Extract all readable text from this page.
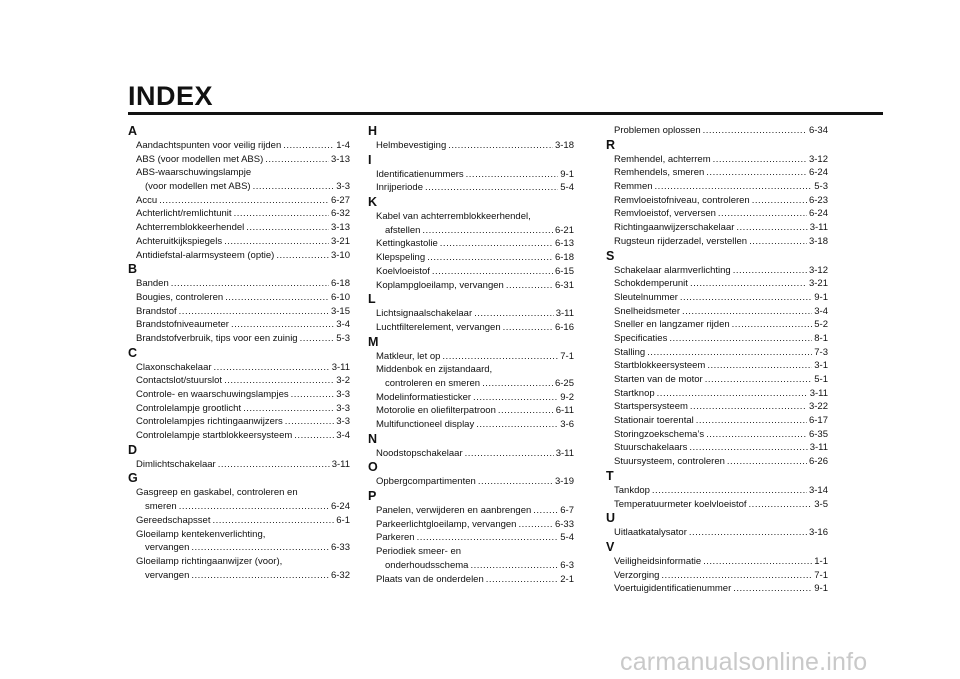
INDEX
A
Aandachtspunten voor veilig rijden .....	1-4
ABS (voor modellen met ABS) .....	3-13
ABS-waarschuwingslampje
(voor modellen met ABS) .....	3-3
Accu .....	6-27
Achterlicht/remlichtunit .....	6-32
Achterremblokkeerhendel .....	3-13
Achteruitkijkspiegels .....	3-21
Antidiefstal-alarmsysteem (optie) .....	3-10
B
Banden .....	6-18
Bougies, controleren .....	6-10
Brandstof .....	3-15
Brandstofniveaumeter .....	3-4
Brandstofverbruik, tips voor een zuinig .....	5-3
C
Claxonschakelaar .....	3-11
Contactslot/stuurslot .....	3-2
Controle- en waarschuwingslampjes .....	3-3
Controlelampje grootlicht .....	3-3
Controlelampjes richtingaanwijzers .....	3-3
Controlelampje startblokkeersysteem .....	3-4
D
Dimlichtschakelaar .....	3-11
G
Gasgreep en gaskabel, controleren en
smeren .....	6-24
Gereedschapsset .....	6-1
Gloeilamp kentekenverlichting,
vervangen .....	6-33
Gloeilamp richtingaanwijzer (voor),
vervangen .....	6-32
H
Helmbevestiging .....	3-18
I
Identificatienummers .....	9-1
Inrijperiode .....	5-4
K
Kabel van achterremblokkeerhendel,
afstellen .....	6-21
Kettingkastolie .....	6-13
Klepspeling .....	6-18
Koelvloeistof .....	6-15
Koplampgloeilamp, vervangen .....	6-31
L
Lichtsignaalschakelaar .....	3-11
Luchtfilterelement, vervangen .....	6-16
M
Matkleur, let op .....	7-1
Middenbok en zijstandaard,
controleren en smeren .....	6-25
Modelinformatiesticker .....	9-2
Motorolie en oliefilterpatroon .....	6-11
Multifunctioneel display .....	3-6
N
Noodstopschakelaar .....	3-11
O
Opbergcompartimenten .....	3-19
P
Panelen, verwijderen en aanbrengen .....	6-7
Parkeerlichtgloeilamp, vervangen .....	6-33
Parkeren .....	5-4
Periodiek smeer- en
onderhoudsschema .....	6-3
Plaats van de onderdelen .....	2-1
Problemen oplossen .....	6-34
R
Remhendel, achterrem .....	3-12
Remhendels, smeren .....	6-24
Remmen .....	5-3
Remvloeistofniveau, controleren .....	6-23
Remvloeistof, verversen .....	6-24
Richtingaanwijzerschakelaar .....	3-11
Rugsteun rijderzadel, verstellen .....	3-18
S
Schakelaar alarmverlichting .....	3-12
Schokdemperunit .....	3-21
Sleutelnummer .....	9-1
Snelheidsmeter .....	3-4
Sneller en langzamer rijden .....	5-2
Specificaties .....	8-1
Stalling .....	7-3
Startblokkeersysteem .....	3-1
Starten van de motor .....	5-1
Startknop .....	3-11
Startspersysteem .....	3-22
Stationair toerental .....	6-17
Storingzoekschema’s .....	6-35
Stuurschakelaars .....	3-11
Stuursysteem, controleren .....	6-26
T
Tankdop .....	3-14
Temperatuurmeter koelvloeistof .....	3-5
U
Uitlaatkatalysator .....	3-16
V
Veiligheidsinformatie .....	1-1
Verzorging .....	7-1
Voertuigidentificatienummer .....	9-1
carmanualsonline.info
